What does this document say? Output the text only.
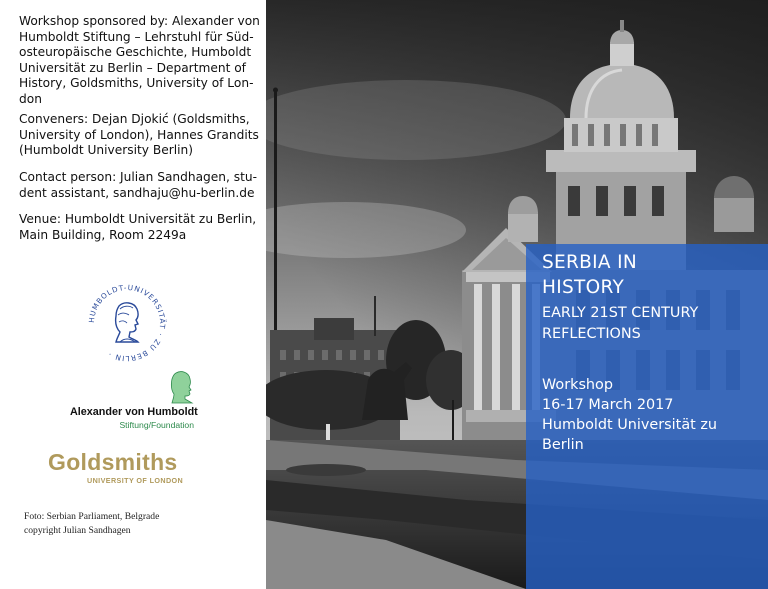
Workshop sponsored by: Alexander von Humboldt Stiftung – Lehrstuhl für Süd-osteuropäische Geschichte, Humboldt Universität zu Berlin – Department of History, Goldsmiths, University of Lon-don

Conveners: Dejan Djokić (Goldsmiths, University of London), Hannes Grandits (Humboldt University Berlin)

Contact person: Julian Sandhagen, stu-dent assistant, sandhaju@hu-berlin.de

Venue: Humboldt Universität zu Berlin, Main Building, Room 2249a

HUMBOLDT-UNIVERSITÄT · ZU BERLIN ·
Alexander von Humboldt
Stiftung/Foundation
Goldsmiths
UNIVERSITY OF LONDON
Foto: Serbian Parliament, Belgrade
copyright Julian Sandhagen
SERBIA IN
HISTORY
EARLY 21ST CENTURY
REFLECTIONS
Workshop
16-17 March 2017
Humboldt Universität zu
Berlin
